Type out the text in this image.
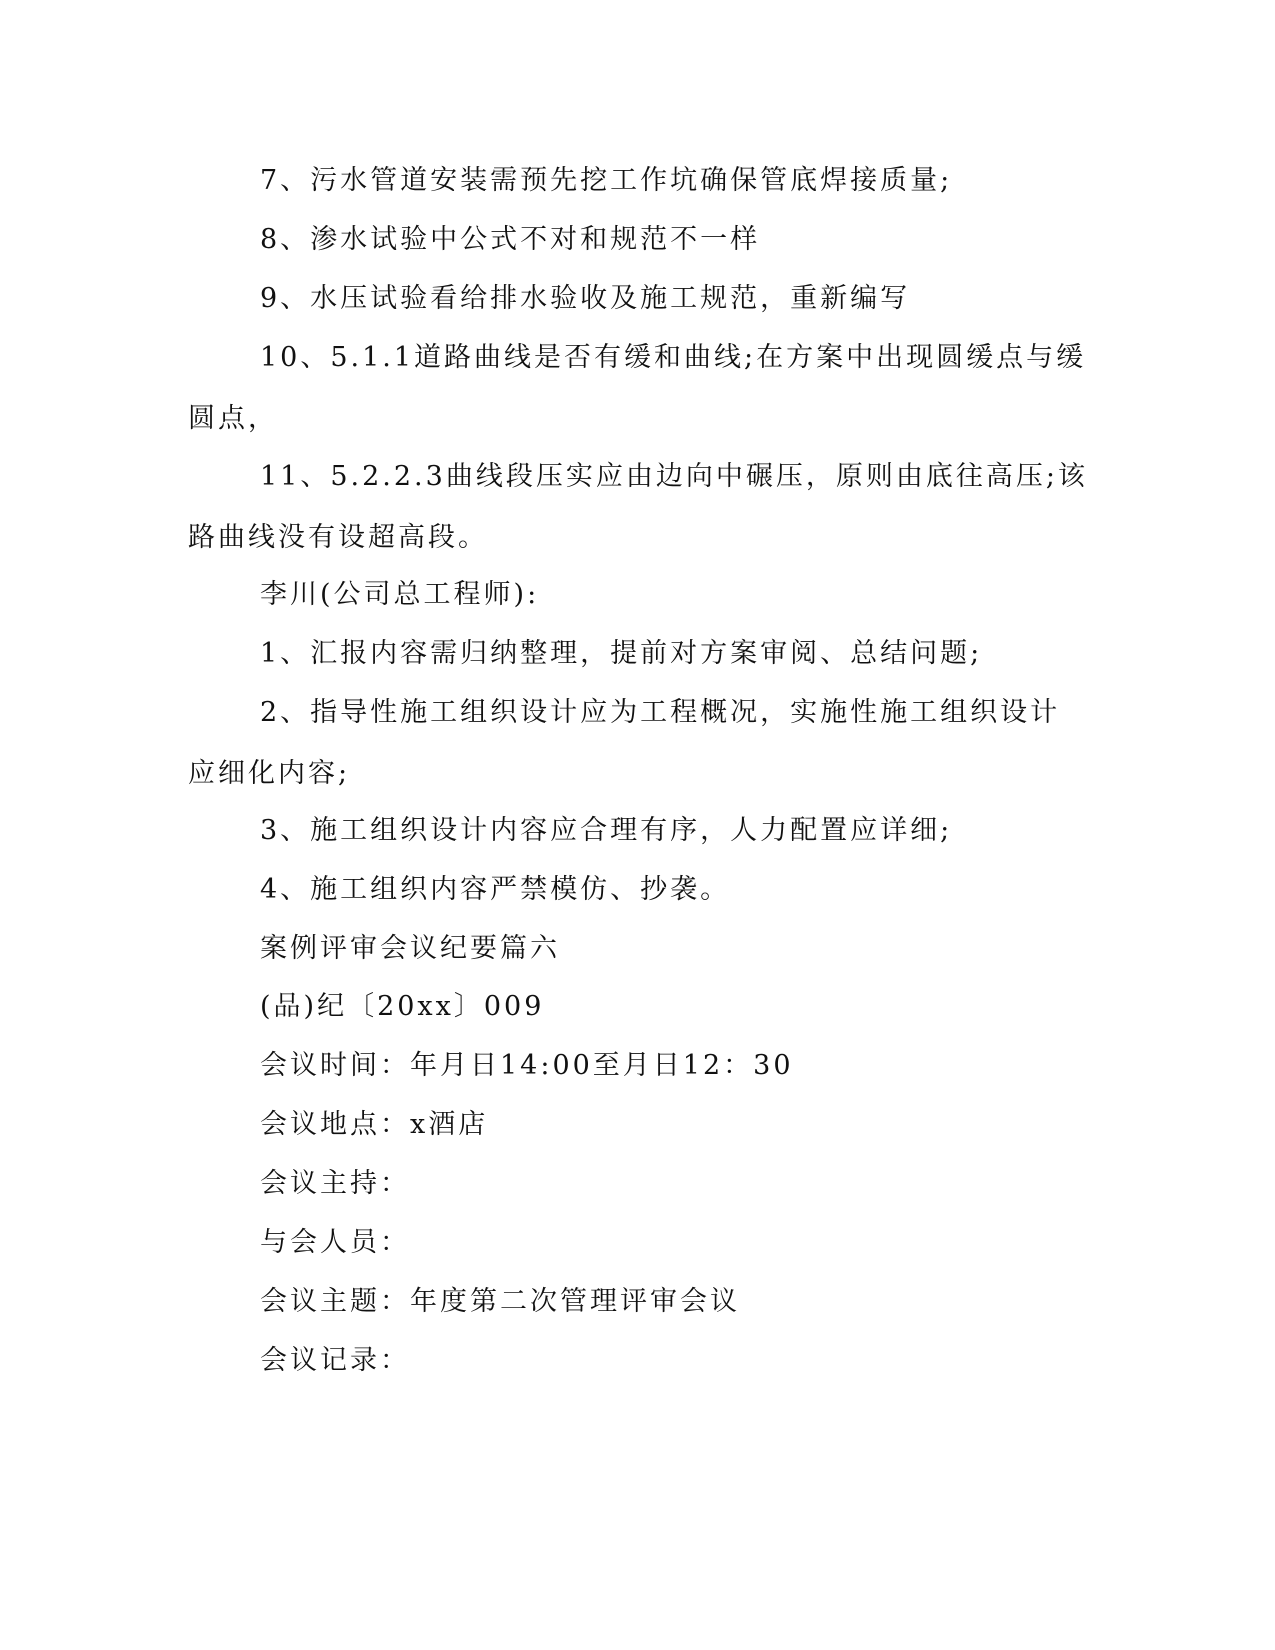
7、污水管道安装需预先挖工作坑确保管底焊接质量;

8、渗水试验中公式不对和规范不一样

9、水压试验看给排水验收及施工规范，重新编写

10、5.1.1道路曲线是否有缓和曲线;在方案中出现圆缓点与缓圆点，

11、5.2.2.3曲线段压实应由边向中碾压，原则由底往高压;该路曲线没有设超高段。

李川(公司总工程师):

1、汇报内容需归纳整理，提前对方案审阅、总结问题;

2、指导性施工组织设计应为工程概况，实施性施工组织设计应细化内容;

3、施工组织设计内容应合理有序，人力配置应详细;

4、施工组织内容严禁模仿、抄袭。

案例评审会议纪要篇六

(品)纪〔20xx〕009

会议时间：年月日14:00至月日12：30

会议地点：x酒店

会议主持：

与会人员：

会议主题：年度第二次管理评审会议

会议记录：
